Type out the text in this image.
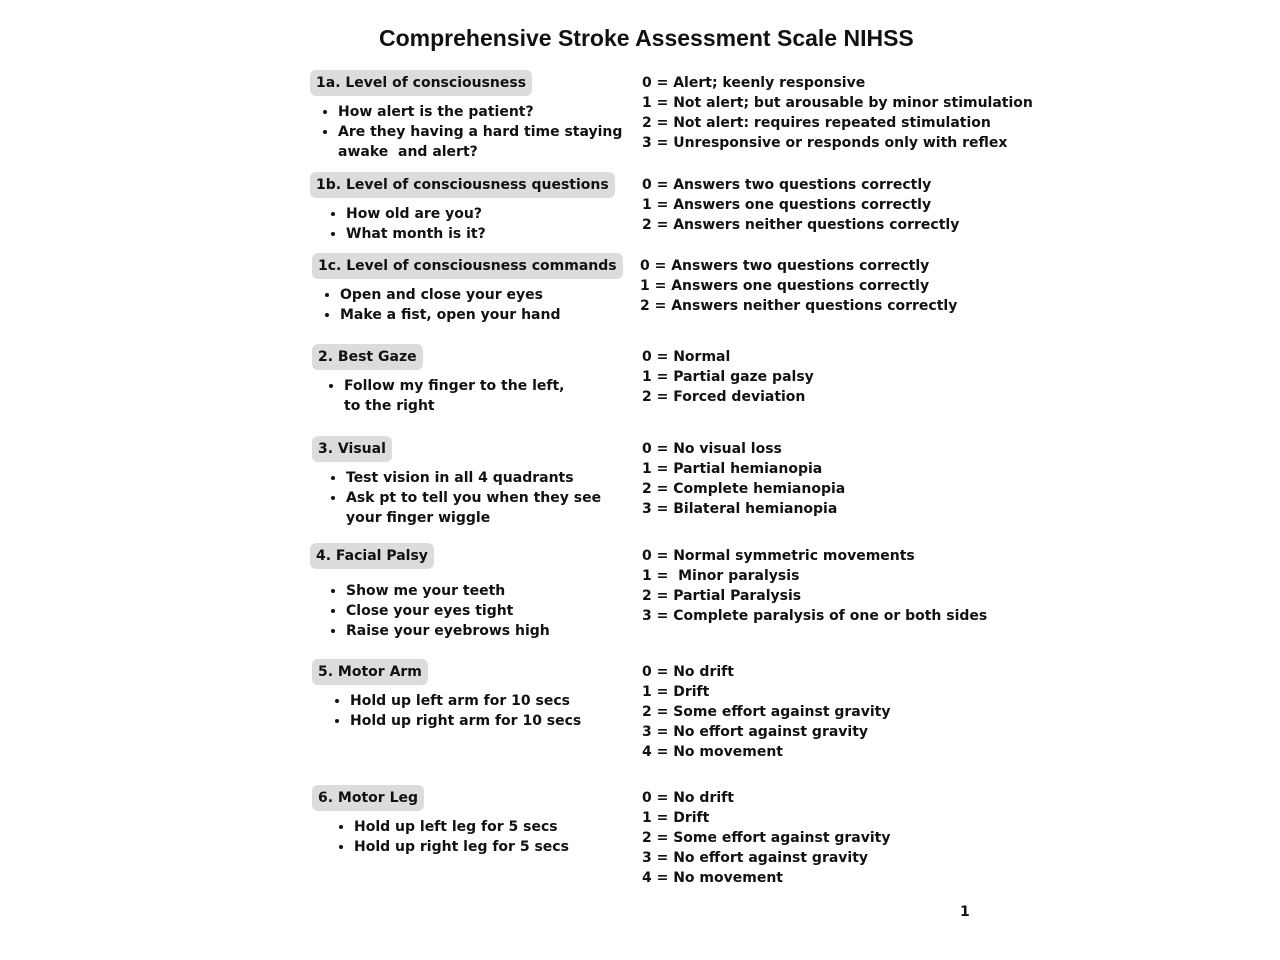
Comprehensive Stroke Assessment Scale NIHSS
1a. Level of consciousness
• How alert is the patient?
• Are they having a hard time staying
awake  and alert?
0 = Alert; keenly responsive
1 = Not alert; but arousable by minor stimulation
2 = Not alert: requires repeated stimulation
3 = Unresponsive or responds only with reflex
1b. Level of consciousness questions
• How old are you?
• What month is it?
0 = Answers two questions correctly
1 = Answers one questions correctly
2 = Answers neither questions correctly
1c. Level of consciousness commands
• Open and close your eyes
• Make a fist, open your hand
0 = Answers two questions correctly
1 = Answers one questions correctly
2 = Answers neither questions correctly
2. Best Gaze
• Follow my finger to the left,
to the right
0 = Normal
1 = Partial gaze palsy
2 = Forced deviation
3. Visual
• Test vision in all 4 quadrants
• Ask pt to tell you when they see
your finger wiggle
0 = No visual loss
1 = Partial hemianopia
2 = Complete hemianopia
3 = Bilateral hemianopia
4. Facial Palsy
• Show me your teeth
• Close your eyes tight
• Raise your eyebrows high
0 = Normal symmetric movements
1 =  Minor paralysis
2 = Partial Paralysis
3 = Complete paralysis of one or both sides
5. Motor Arm
• Hold up left arm for 10 secs
• Hold up right arm for 10 secs
0 = No drift
1 = Drift
2 = Some effort against gravity
3 = No effort against gravity
4 = No movement
6. Motor Leg
• Hold up left leg for 5 secs
• Hold up right leg for 5 secs
0 = No drift
1 = Drift
2 = Some effort against gravity
3 = No effort against gravity
4 = No movement
1
